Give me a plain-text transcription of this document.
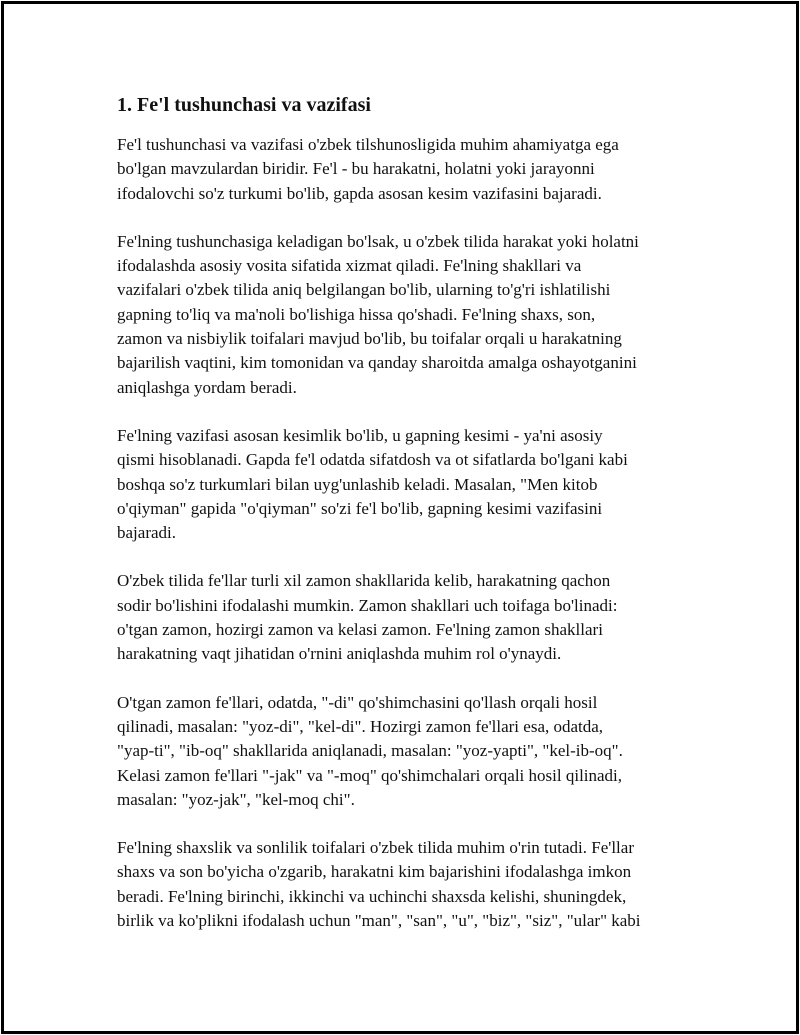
1. Fe'l tushunchasi va vazifasi

Fe'l tushunchasi va vazifasi o'zbek tilshunosligida muhim ahamiyatga ega
bo'lgan mavzulardan biridir. Fe'l - bu harakatni, holatni yoki jarayonni
ifodalovchi so'z turkumi bo'lib, gapda asosan kesim vazifasini bajaradi.

Fe'lning tushunchasiga keladigan bo'lsak, u o'zbek tilida harakat yoki holatni
ifodalashda asosiy vosita sifatida xizmat qiladi. Fe'lning shakllari va
vazifalari o'zbek tilida aniq belgilangan bo'lib, ularning to'g'ri ishlatilishi
gapning to'liq va ma'noli bo'lishiga hissa qo'shadi. Fe'lning shaxs, son,
zamon va nisbiylik toifalari mavjud bo'lib, bu toifalar orqali u harakatning
bajarilish vaqtini, kim tomonidan va qanday sharoitda amalga oshayotganini
aniqlashga yordam beradi.

Fe'lning vazifasi asosan kesimlik bo'lib, u gapning kesimi - ya'ni asosiy
qismi hisoblanadi. Gapda fe'l odatda sifatdosh va ot sifatlarda bo'lgani kabi
boshqa so'z turkumlari bilan uyg'unlashib keladi. Masalan, "Men kitob
o'qiyman" gapida "o'qiyman" so'zi fe'l bo'lib, gapning kesimi vazifasini
bajaradi.

O'zbek tilida fe'llar turli xil zamon shakllarida kelib, harakatning qachon
sodir bo'lishini ifodalashi mumkin. Zamon shakllari uch toifaga bo'linadi:
o'tgan zamon, hozirgi zamon va kelasi zamon. Fe'lning zamon shakllari
harakatning vaqt jihatidan o'rnini aniqlashda muhim rol o'ynaydi.

O'tgan zamon fe'llari, odatda, "-di" qo'shimchasini qo'llash orqali hosil
qilinadi, masalan: "yoz-di", "kel-di". Hozirgi zamon fe'llari esa, odatda,
"yap-ti", "ib-oq" shakllarida aniqlanadi, masalan: "yoz-yapti", "kel-ib-oq".
Kelasi zamon fe'llari "-jak" va "-moq" qo'shimchalari orqali hosil qilinadi,
masalan: "yoz-jak", "kel-moq chi".

Fe'lning shaxslik va sonlilik toifalari o'zbek tilida muhim o'rin tutadi. Fe'llar
shaxs va son bo'yicha o'zgarib, harakatni kim bajarishini ifodalashga imkon
beradi. Fe'lning birinchi, ikkinchi va uchinchi shaxsda kelishi, shuningdek,
birlik va ko'plikni ifodalash uchun "man", "san", "u", "biz", "siz", "ular" kabi
